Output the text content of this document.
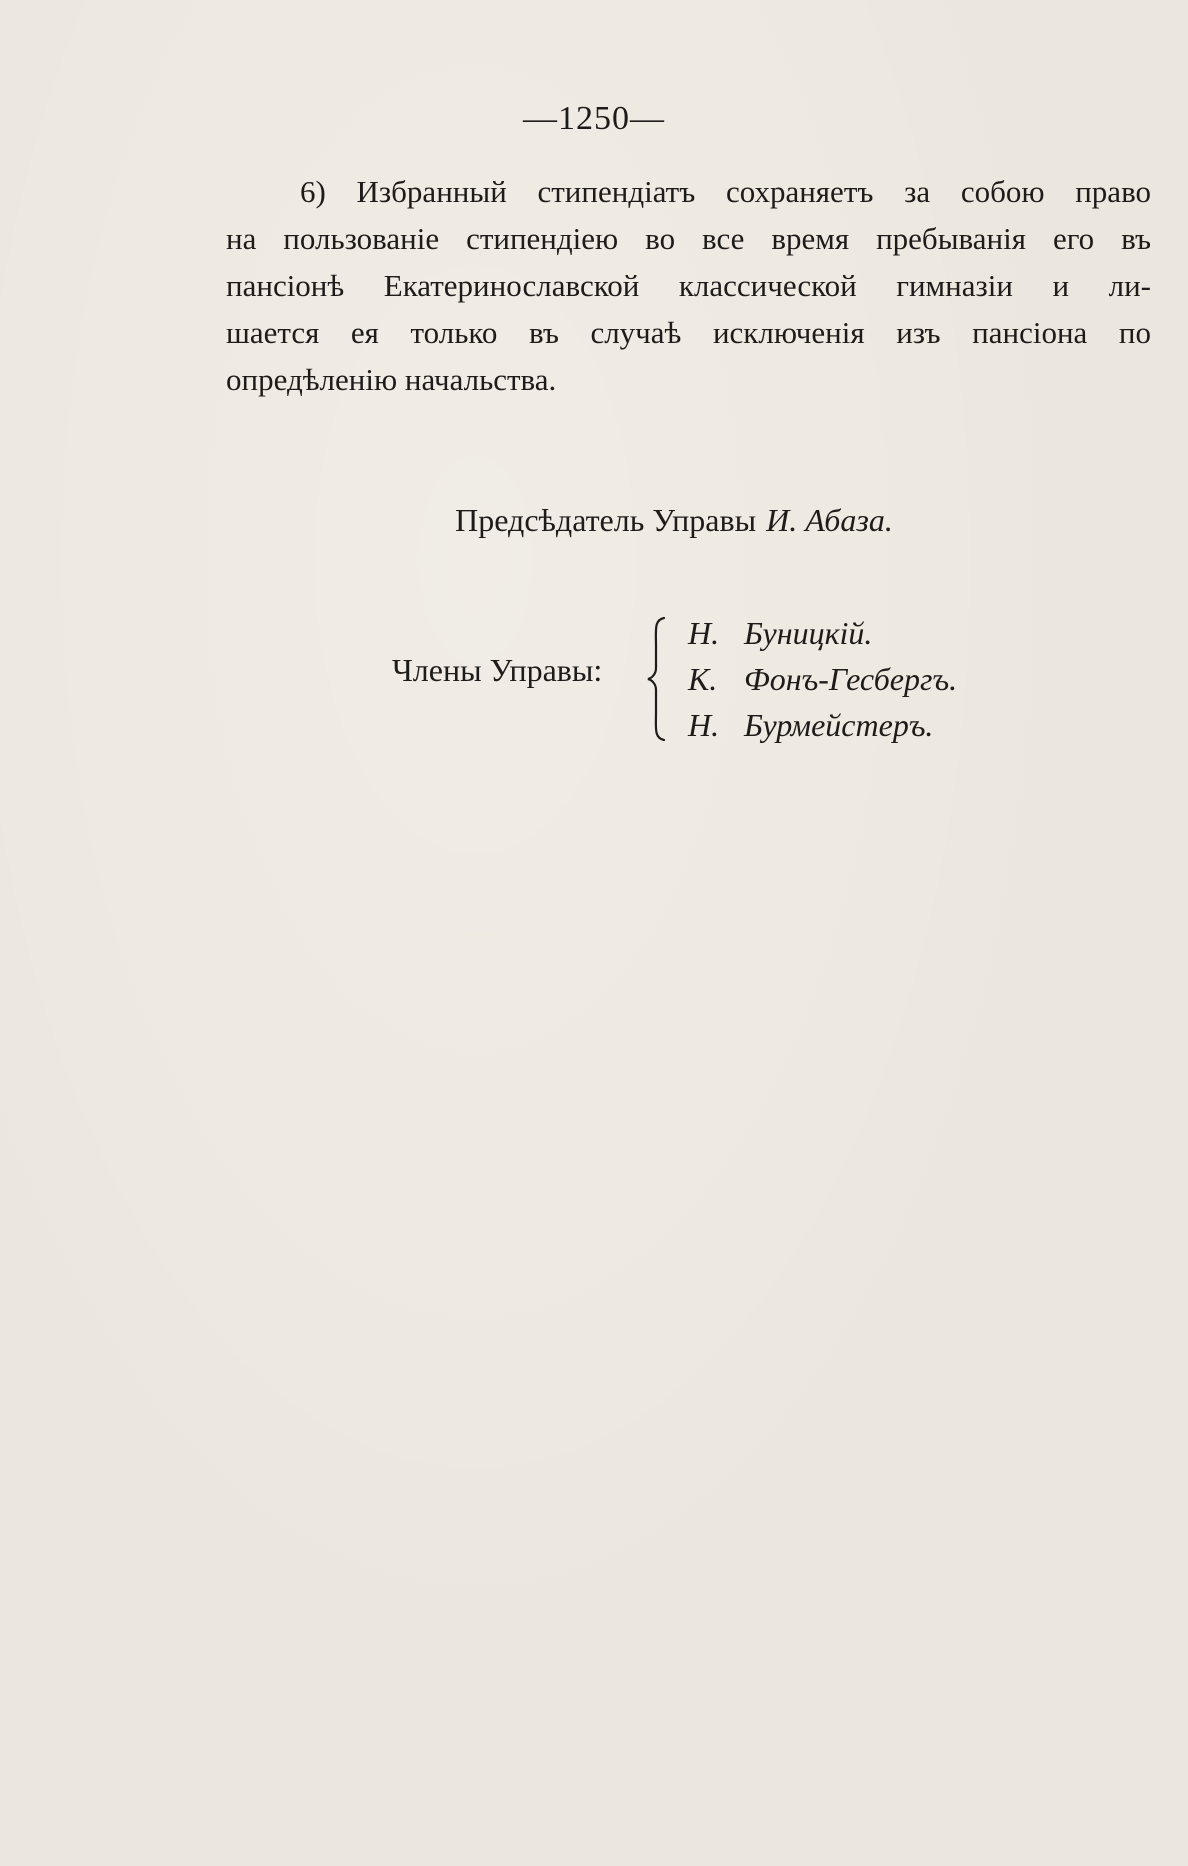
—1250—

6) Избранный стипендіатъ сохраняетъ за собою право
на пользованіе стипендіею во все время пребыванія его въ
пансіонѣ Екатеринославской классической гимназіи и ли-
шается ея только въ случаѣ исключенія изъ пансіона по
опредѣленію начальства.

Предсѣдатель Управы И. Абаза.
Члены Управы:
Н. Буницкій.
К. Фонъ-Гесбергъ.
Н. Бурмейстеръ.
